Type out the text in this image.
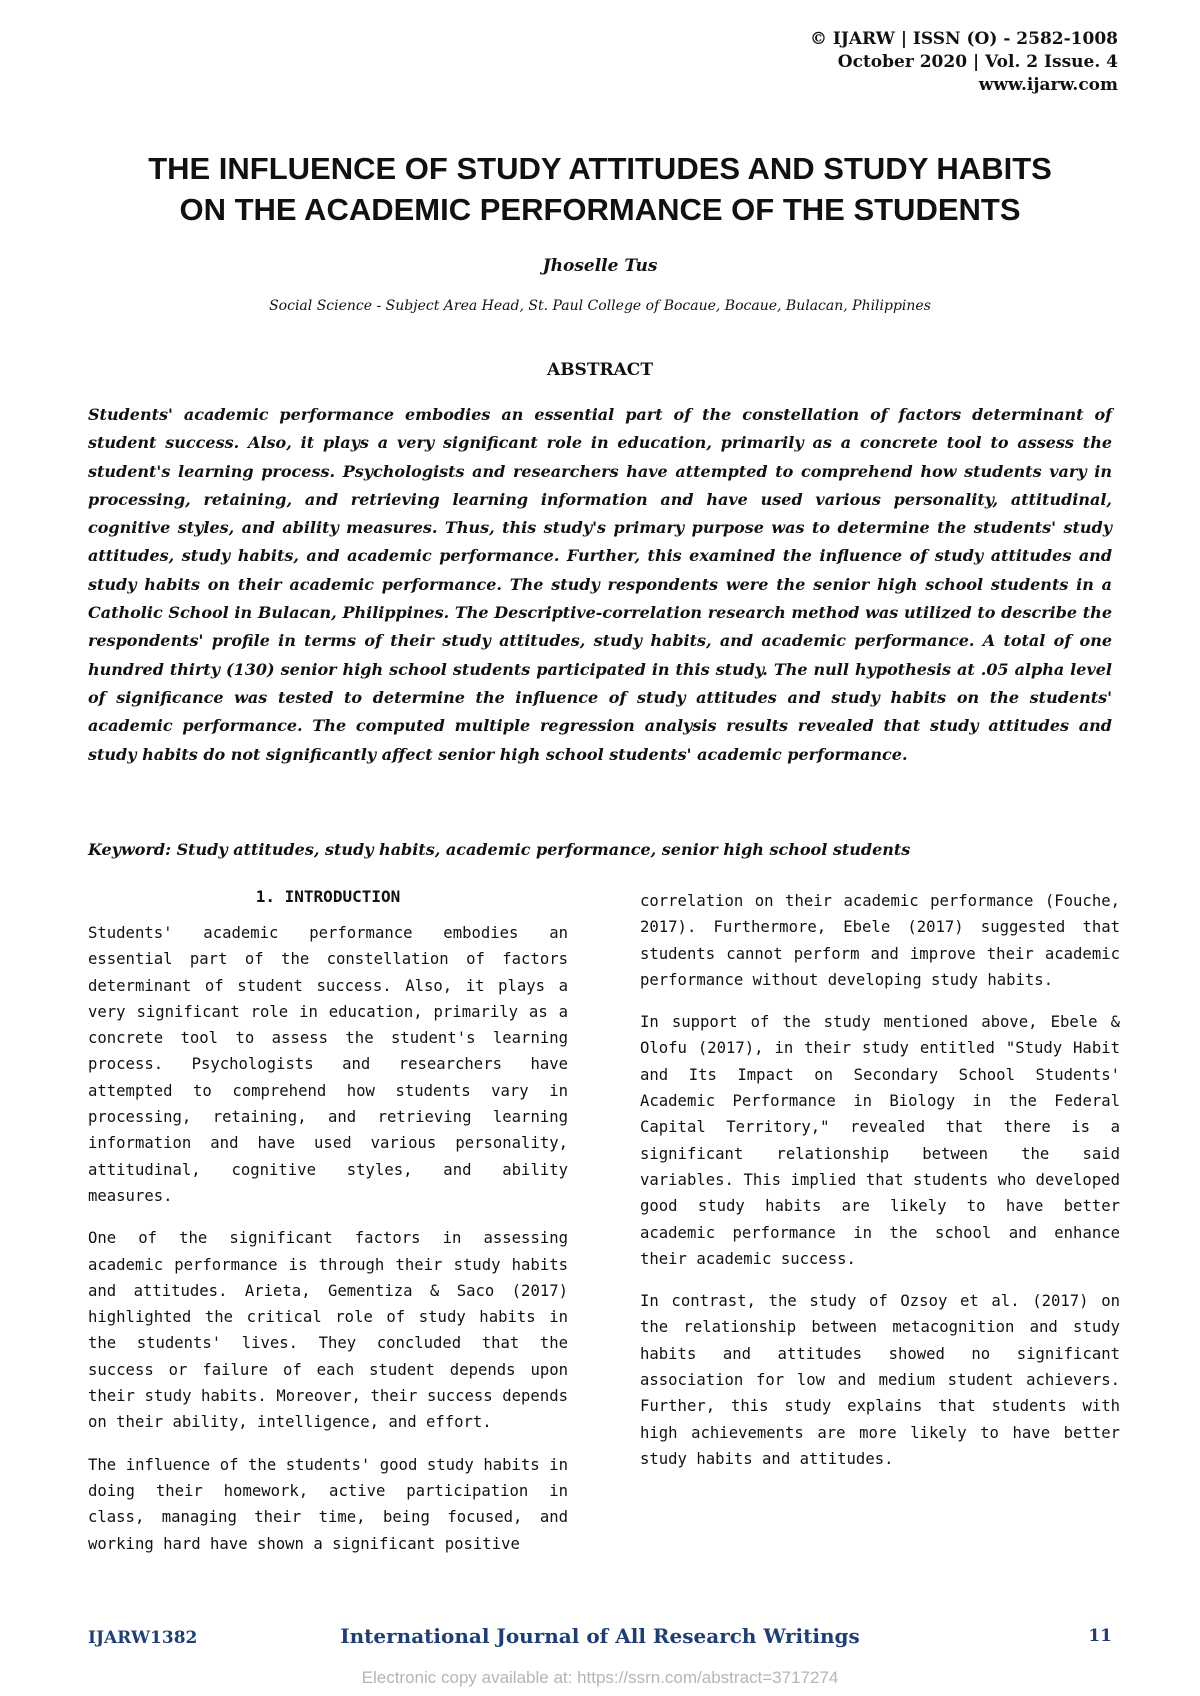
© IJARW | ISSN (O) - 2582-1008
October 2020 | Vol. 2 Issue. 4
www.ijarw.com
THE INFLUENCE OF STUDY ATTITUDES AND STUDY HABITS
ON THE ACADEMIC PERFORMANCE OF THE STUDENTS
Jhoselle Tus
Social Science - Subject Area Head, St. Paul College of Bocaue, Bocaue, Bulacan, Philippines
ABSTRACT

Students' academic performance embodies an essential part of the constellation of factors determinant of student success. Also, it plays a very significant role in education, primarily as a concrete tool to assess the student's learning process. Psychologists and researchers have attempted to comprehend how students vary in processing, retaining, and retrieving learning information and have used various personality, attitudinal, cognitive styles, and ability measures. Thus, this study's primary purpose was to determine the students' study attitudes, study habits, and academic performance. Further, this examined the influence of study attitudes and study habits on their academic performance. The study respondents were the senior high school students in a Catholic School in Bulacan, Philippines. The Descriptive-correlation research method was utilized to describe the respondents' profile in terms of their study attitudes, study habits, and academic performance. A total of one hundred thirty (130) senior high school students participated in this study. The null hypothesis at .05 alpha level of significance was tested to determine the influence of study attitudes and study habits on the students' academic performance. The computed multiple regression analysis results revealed that study attitudes and study habits do not significantly affect senior high school students' academic performance.

Keyword: Study attitudes, study habits, academic performance, senior high school students

1. INTRODUCTION

Students' academic performance embodies an essential part of the constellation of factors determinant of student success. Also, it plays a very significant role in education, primarily as a concrete tool to assess the student's learning process. Psychologists and researchers have attempted to comprehend how students vary in processing, retaining, and retrieving learning information and have used various personality, attitudinal, cognitive styles, and ability measures.

One of the significant factors in assessing academic performance is through their study habits and attitudes. Arieta, Gementiza & Saco (2017) highlighted the critical role of study habits in the students' lives. They concluded that the success or failure of each student depends upon their study habits. Moreover, their success depends on their ability, intelligence, and effort.

The influence of the students' good study habits in doing their homework, active participation in class, managing their time, being focused, and working hard have shown a significant positive

correlation on their academic performance (Fouche, 2017). Furthermore, Ebele (2017) suggested that students cannot perform and improve their academic performance without developing study habits.

In support of the study mentioned above, Ebele & Olofu (2017), in their study entitled "Study Habit and Its Impact on Secondary School Students' Academic Performance in Biology in the Federal Capital Territory," revealed that there is a significant relationship between the said variables. This implied that students who developed good study habits are likely to have better academic performance in the school and enhance their academic success.

In contrast, the study of Ozsoy et al. (2017) on the relationship between metacognition and study habits and attitudes showed no significant association for low and medium student achievers. Further, this study explains that students with high achievements are more likely to have better study habits and attitudes.

IJARW1382	International Journal of All Research Writings	11
Electronic copy available at: https://ssrn.com/abstract=3717274
